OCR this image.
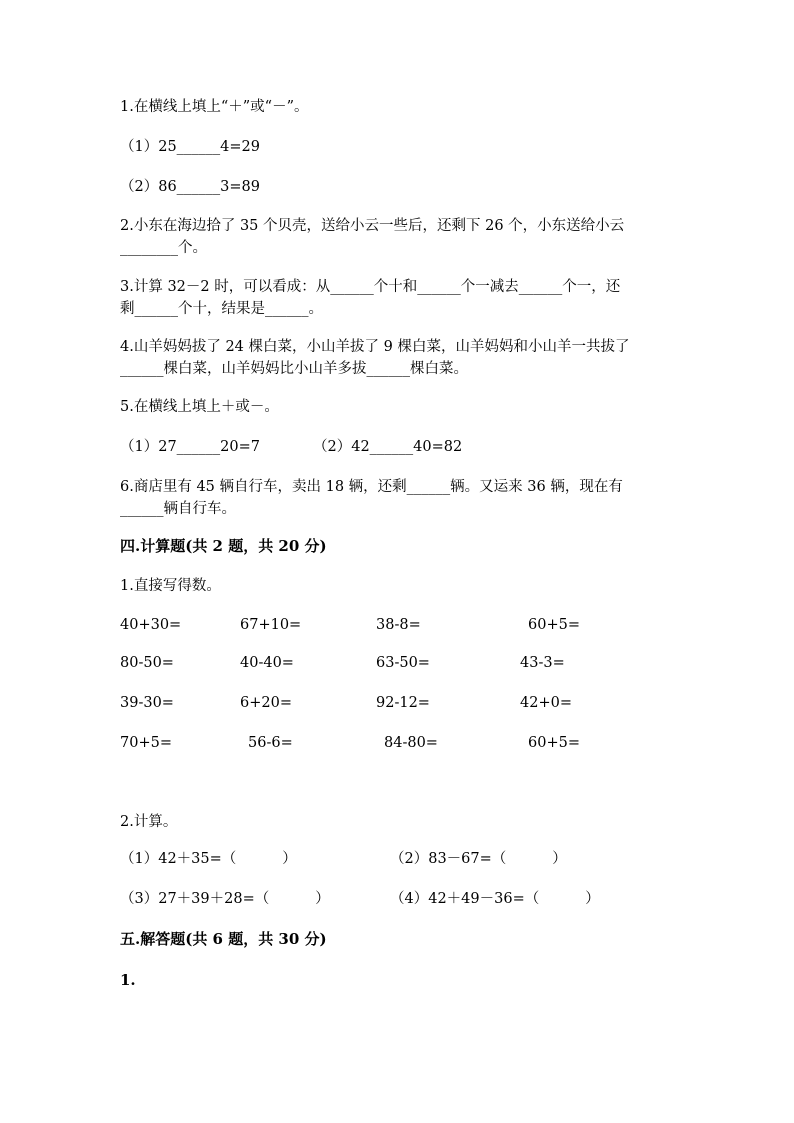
1.在横线上填上“＋”或“－”。
（1）25______4=29
（2）86______3=89
2.小东在海边拾了 35 个贝壳，送给小云一些后，还剩下 26 个，小东送给小云
________个。
3.计算 32－2 时，可以看成：从______个十和______个一减去______个一，还
剩______个十，结果是______。
4.山羊妈妈拔了 24 棵白菜，小山羊拔了 9 棵白菜，山羊妈妈和小山羊一共拔了
______棵白菜，山羊妈妈比小山羊多拔______棵白菜。
5.在横线上填上＋或－。
（1）27______20=7	（2）42______40=82
6.商店里有 45 辆自行车，卖出 18 辆，还剩______辆。又运来 36 辆，现在有
______辆自行车。
四.计算题(共 2 题，共 20 分)
1.直接写得数。
40+30=	67+10=	38-8=	60+5=
80-50=	40-40=	63-50=	43-3=
39-30=	6+20=	92-12=	42+0=
70+5=	56-6=	84-80=	60+5=
2.计算。
（1）42＋35=（	）	（2）83－67=（	）
（3）27＋39＋28=（	）	（4）42＋49－36=（	）
五.解答题(共 6 题，共 30 分)
1.
